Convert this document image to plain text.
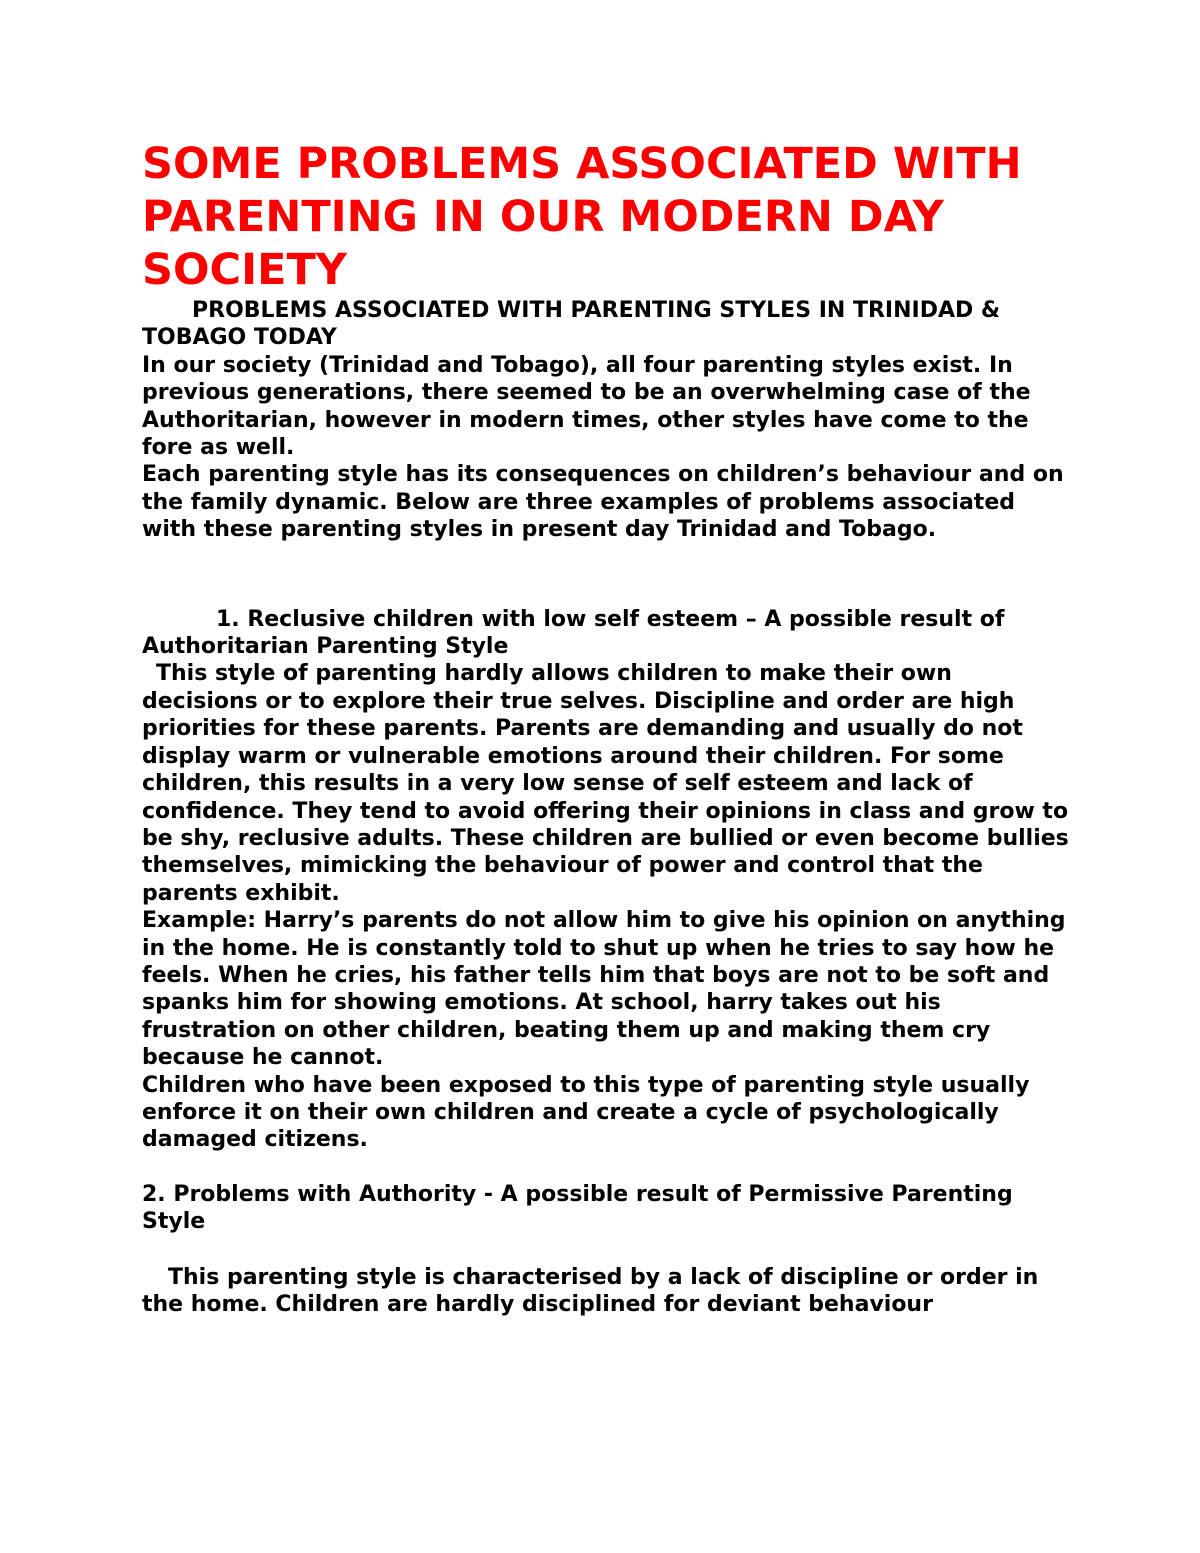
SOME PROBLEMS ASSOCIATED WITH PARENTING IN OUR MODERN DAY SOCIETY

PROBLEMS ASSOCIATED WITH PARENTING STYLES IN TRINIDAD & TOBAGO TODAY

In our society (Trinidad and Tobago), all four parenting styles exist. In previous generations, there seemed to be an overwhelming case of the Authoritarian, however in modern times, other styles have come to the fore as well.

Each parenting style has its consequences on children’s behaviour and on the family dynamic. Below are three examples of problems associated with these parenting styles in present day Trinidad and Tobago.

1. Reclusive children with low self esteem – A possible result of Authoritarian Parenting Style

This style of parenting hardly allows children to make their own decisions or to explore their true selves. Discipline and order are high priorities for these parents. Parents are demanding and usually do not display warm or vulnerable emotions around their children. For some children, this results in a very low sense of self esteem and lack of confidence. They tend to avoid offering their opinions in class and grow to be shy, reclusive adults. These children are bullied or even become bullies themselves, mimicking the behaviour of power and control that the parents exhibit.

Example: Harry’s parents do not allow him to give his opinion on anything in the home. He is constantly told to shut up when he tries to say how he feels. When he cries, his father tells him that boys are not to be soft and spanks him for showing emotions. At school, harry takes out his frustration on other children, beating them up and making them cry because he cannot.

Children who have been exposed to this type of parenting style usually enforce it on their own children and create a cycle of psychologically damaged citizens.

2. Problems with Authority - A possible result of Permissive Parenting Style

This parenting style is characterised by a lack of discipline or order in the home. Children are hardly disciplined for deviant behaviour
